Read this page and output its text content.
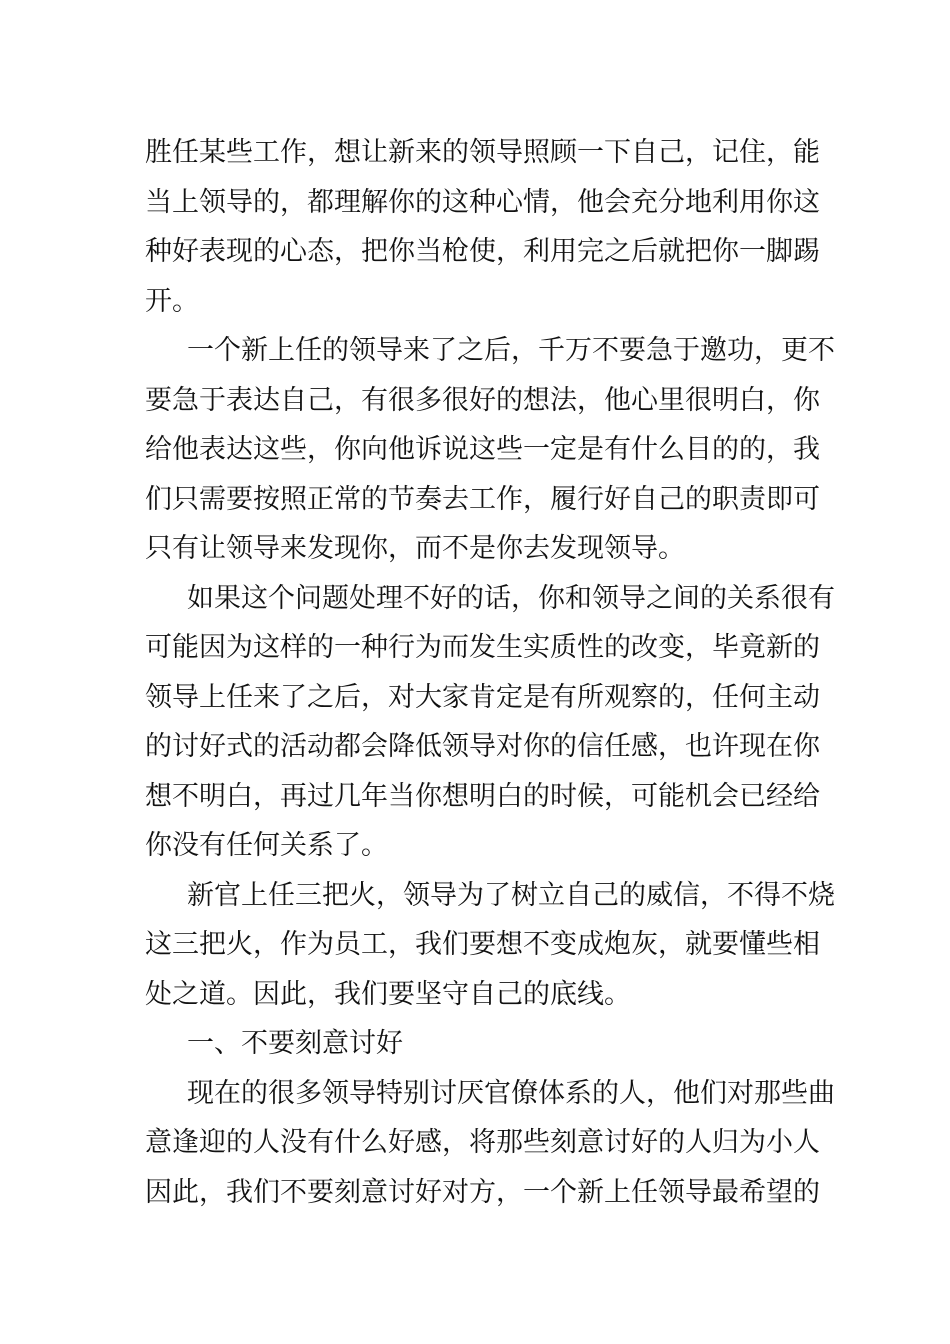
胜任某些工作，想让新来的领导照顾一下自己，记住，能
当上领导的，都理解你的这种心情，他会充分地利用你这
种好表现的心态，把你当枪使，利用完之后就把你一脚踢
开。
一个新上任的领导来了之后，千万不要急于邀功，更不
要急于表达自己，有很多很好的想法，他心里很明白，你
给他表达这些，你向他诉说这些一定是有什么目的的，我
们只需要按照正常的节奏去工作，履行好自己的职责即可
只有让领导来发现你，而不是你去发现领导。
如果这个问题处理不好的话，你和领导之间的关系很有
可能因为这样的一种行为而发生实质性的改变，毕竟新的
领导上任来了之后，对大家肯定是有所观察的，任何主动
的讨好式的活动都会降低领导对你的信任感，也许现在你
想不明白，再过几年当你想明白的时候，可能机会已经给
你没有任何关系了。
新官上任三把火，领导为了树立自己的威信，不得不烧
这三把火，作为员工，我们要想不变成炮灰，就要懂些相
处之道。因此，我们要坚守自己的底线。
一、不要刻意讨好
现在的很多领导特别讨厌官僚体系的人，他们对那些曲
意逢迎的人没有什么好感，将那些刻意讨好的人归为小人
因此，我们不要刻意讨好对方，一个新上任领导最希望的
